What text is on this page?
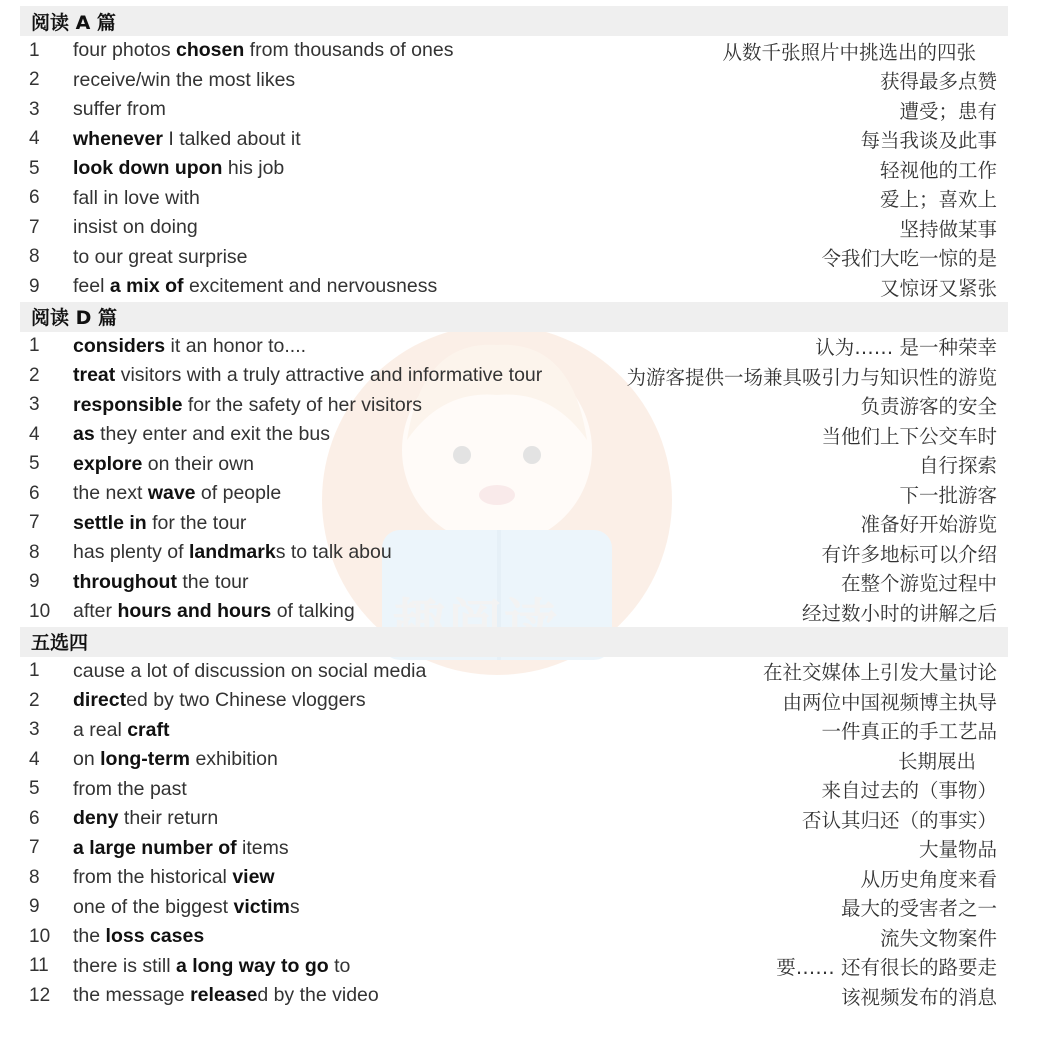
趣阅读
阅读 A 篇
1	four photos chosen from thousands of ones	从数千张照片中挑选出的四张
2	receive/win the most likes	获得最多点赞
3	suffer from	遭受；患有
4	whenever I talked about it	每当我谈及此事
5	look down upon his job	轻视他的工作
6	fall in love with	爱上；喜欢上
7	insist on doing	坚持做某事
8	to our great surprise	令我们大吃一惊的是
9	feel a mix of excitement and nervousness	又惊讶又紧张
阅读 D 篇
1	considers it an honor to....	认为…… 是一种荣幸
2	treat visitors with a truly attractive and informative tour	为游客提供一场兼具吸引力与知识性的游览
3	responsible for the safety of her visitors	负责游客的安全
4	as they enter and exit the bus	当他们上下公交车时
5	explore on their own	自行探索
6	the next wave of people	下一批游客
7	settle in for the tour	准备好开始游览
8	has plenty of landmarks to talk abou	有许多地标可以介绍
9	throughout the tour	在整个游览过程中
10	after hours and hours of talking	经过数小时的讲解之后
五选四
1	cause a lot of discussion on social media	在社交媒体上引发大量讨论
2	directed by two Chinese vloggers	由两位中国视频博主执导
3	a real craft	一件真正的手工艺品
4	on long-term exhibition	长期展出
5	from the past	来自过去的（事物）
6	deny their return	否认其归还（的事实）
7	a large number of items	大量物品
8	from the historical view	从历史角度来看
9	one of the biggest victims	最大的受害者之一
10	the loss cases	流失文物案件
11	there is still a long way to go to	要…… 还有很长的路要走
12	the message released by the video	该视频发布的消息
